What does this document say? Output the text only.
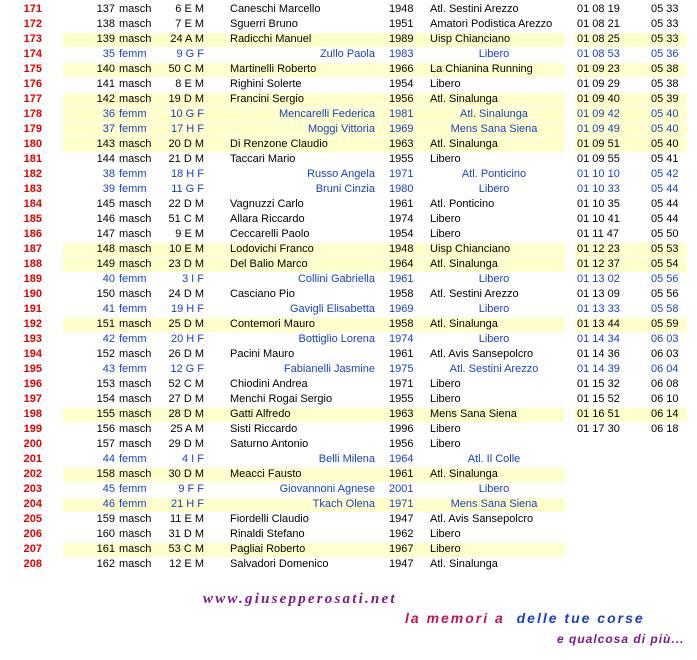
171	137 masch	6 E M Caneschi Marcello	1948 Atl. Sestini Arezzo	01 08 19	05 33
172	138 masch	7 E M Sguerri Bruno	1951 Amatori Podistica Arezzo 01 08 21	05 33
173	139 masch	24 A M Radicchi Manuel	1989 Uisp Chianciano	01 08 25	05 33
174	35 femm	9 G F	Zullo Paola 1983	Libero	01 08 53	05 36
175	140 masch	50 C M Martinelli Roberto	1966 La Chianina Running	01 09 23	05 38
176	141 masch	8 E M Righini Solerte	1954 Libero	01 09 29	05 38
177	142 masch	19 D M Francini Sergio	1956 Atl. Sinalunga	01 09 40	05 39
178	36 femm	10 G F	Mencarelli Federica 1981	Atl. Sinalunga	01 09 42	05 40
179	37 femm	17 H F	Moggi Vittoria 1969	Mens Sana Siena	01 09 49	05 40
180	143 masch	20 D M Di Renzone Claudio	1963 Atl. Sinalunga	01 09 51	05 40
181	144 masch	21 D M Taccari Mario	1955 Libero	01 09 55	05 41
182	38 femm	18 H F	Russo Angela 1971	Atl. Ponticino	01 10 10	05 42
183	39 femm	11 G F	Bruni Cinzia 1980	Libero	01 10 33	05 44
184	145 masch	22 D M Vagnuzzi Carlo	1961 Atl. Ponticino	01 10 35	05 44
185	146 masch	51 C M Allara Riccardo	1974 Libero	01 10 41	05 44
186	147 masch	9 E M Ceccarelli Paolo	1954 Libero	01 11 47	05 50
187	148 masch	10 E M Lodovichi Franco	1948 Uisp Chianciano	01 12 23	05 53
188	149 masch	23 D M Del Balio Marco	1964 Atl. Sinalunga	01 12 37	05 54
189	40 femm	3 I F	Collini Gabriella 1961	Libero	01 13 02	05 56
190	150 masch	24 D M Casciano Pio	1958 Atl. Sestini Arezzo	01 13 09	05 56
191	41 femm	19 H F	Gavigli Elisabetta 1969	Libero	01 13 33	05 58
192	151 masch	25 D M Contemori Mauro	1958 Atl. Sinalunga	01 13 44	05 59
193	42 femm	20 H F	Bottiglio Lorena 1974	Libero	01 14 34	06 03
194	152 masch	26 D M Pacini Mauro	1961 Atl. Avis Sansepolcro	01 14 36	06 03
195	43 femm	12 G F	Fabianelli Jasmine 1975	Atl. Sestini Arezzo	01 14 39	06 04
196	153 masch	52 C M Chiodini Andrea	1971 Libero	01 15 32	06 08
197	154 masch	27 D M Menchi Rogai Sergio	1955 Libero	01 15 52	06 10
198	155 masch	28 D M Gatti Alfredo	1963 Mens Sana Siena	01 16 51	06 14
199	156 masch	25 A M Sisti Riccardo	1996 Libero	01 17 30	06 18
200	157 masch	29 D M Saturno Antonio	1956 Libero
201	44 femm	4 I F	Belli Milena 1964	Atl. Il Colle
202	158 masch	30 D M Meacci Fausto	1961 Atl. Sinalunga
203	45 femm	9 F F	Giovannoni Agnese 2001	Libero
204	46 femm	21 H F	Tkach Olena 1971	Mens Sana Siena
205	159 masch	11 E M Fiordelli Claudio	1947 Atl. Avis Sansepolcro
206	160 masch	31 D M Rinaldi Stefano	1962 Libero
207	161 masch	53 C M Pagliai Roberto	1967 Libero
208	162 masch	12 E M Salvadori Domenico	1947 Atl. Sinalunga
www.giusepperosati.net
la memori a delle tue corse
e qualcosa di più...
